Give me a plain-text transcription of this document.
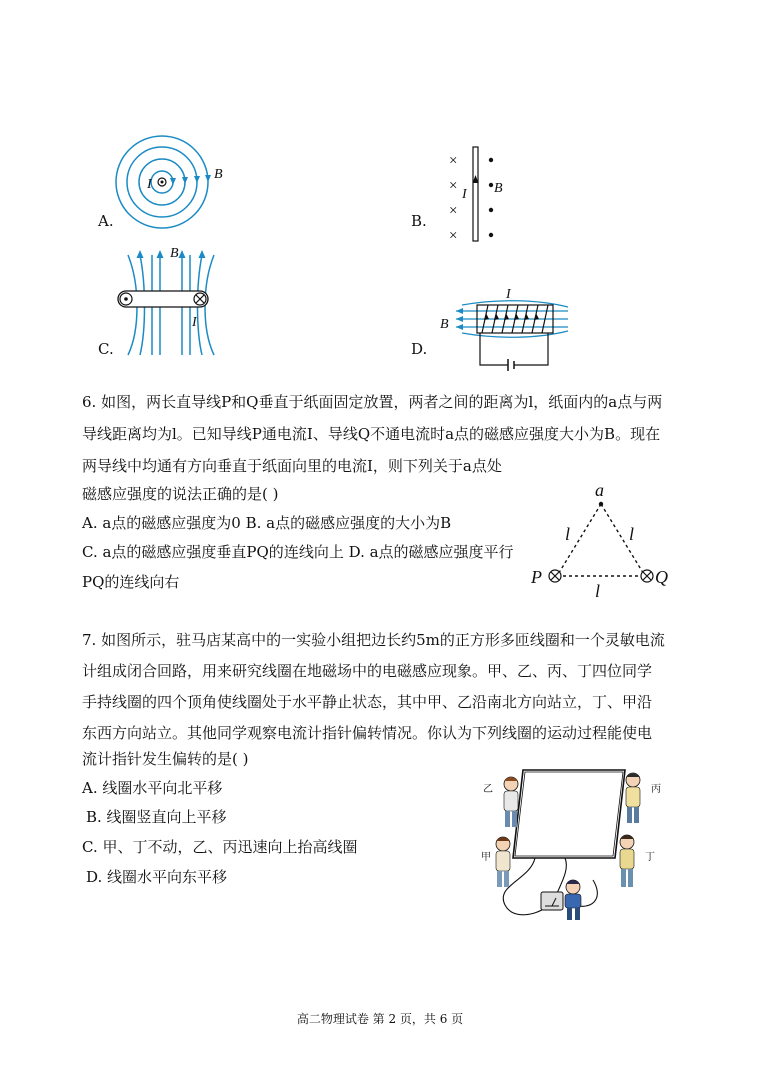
A.	B.
C.	D.
I
B
×
×
×
×
I B
B
I
I
B
6. 如图，两长直导线P和Q垂直于纸面固定放置，两者之间的距离为l，纸面内的a点与两
导线距离均为l。已知导线P通电流I、导线Q不通电流时a点的磁感应强度大小为B。现在
两导线中均通有方向垂直于纸面向里的电流I，则下列关于a点处
磁感应强度的说法正确的是( )
A. a点的磁感应强度为0 B. a点的磁感应强度的大小为B
C. a点的磁感应强度垂直PQ的连线向上 D. a点的磁感应强度平行
PQ的连线向右
a
l	l
l
P	Q
7. 如图所示，驻马店某高中的一实验小组把边长约5m的正方形多匝线圈和一个灵敏电流
计组成闭合回路，用来研究线圈在地磁场中的电磁感应现象。甲、乙、丙、丁四位同学
手持线圈的四个顶角使线圈处于水平静止状态，其中甲、乙沿南北方向站立，丁、甲沿
东西方向站立。其他同学观察电流计指针偏转情况。你认为下列线圈的运动过程能使电
流计指针发生偏转的是( )
A. 线圈水平向北平移
B. 线圈竖直向上平移
C. 甲、丁不动，乙、丙迅速向上抬高线圈
D. 线圈水平向东平移
乙	丙
甲	丁
高二物理试卷 第 2 页，共 6 页
